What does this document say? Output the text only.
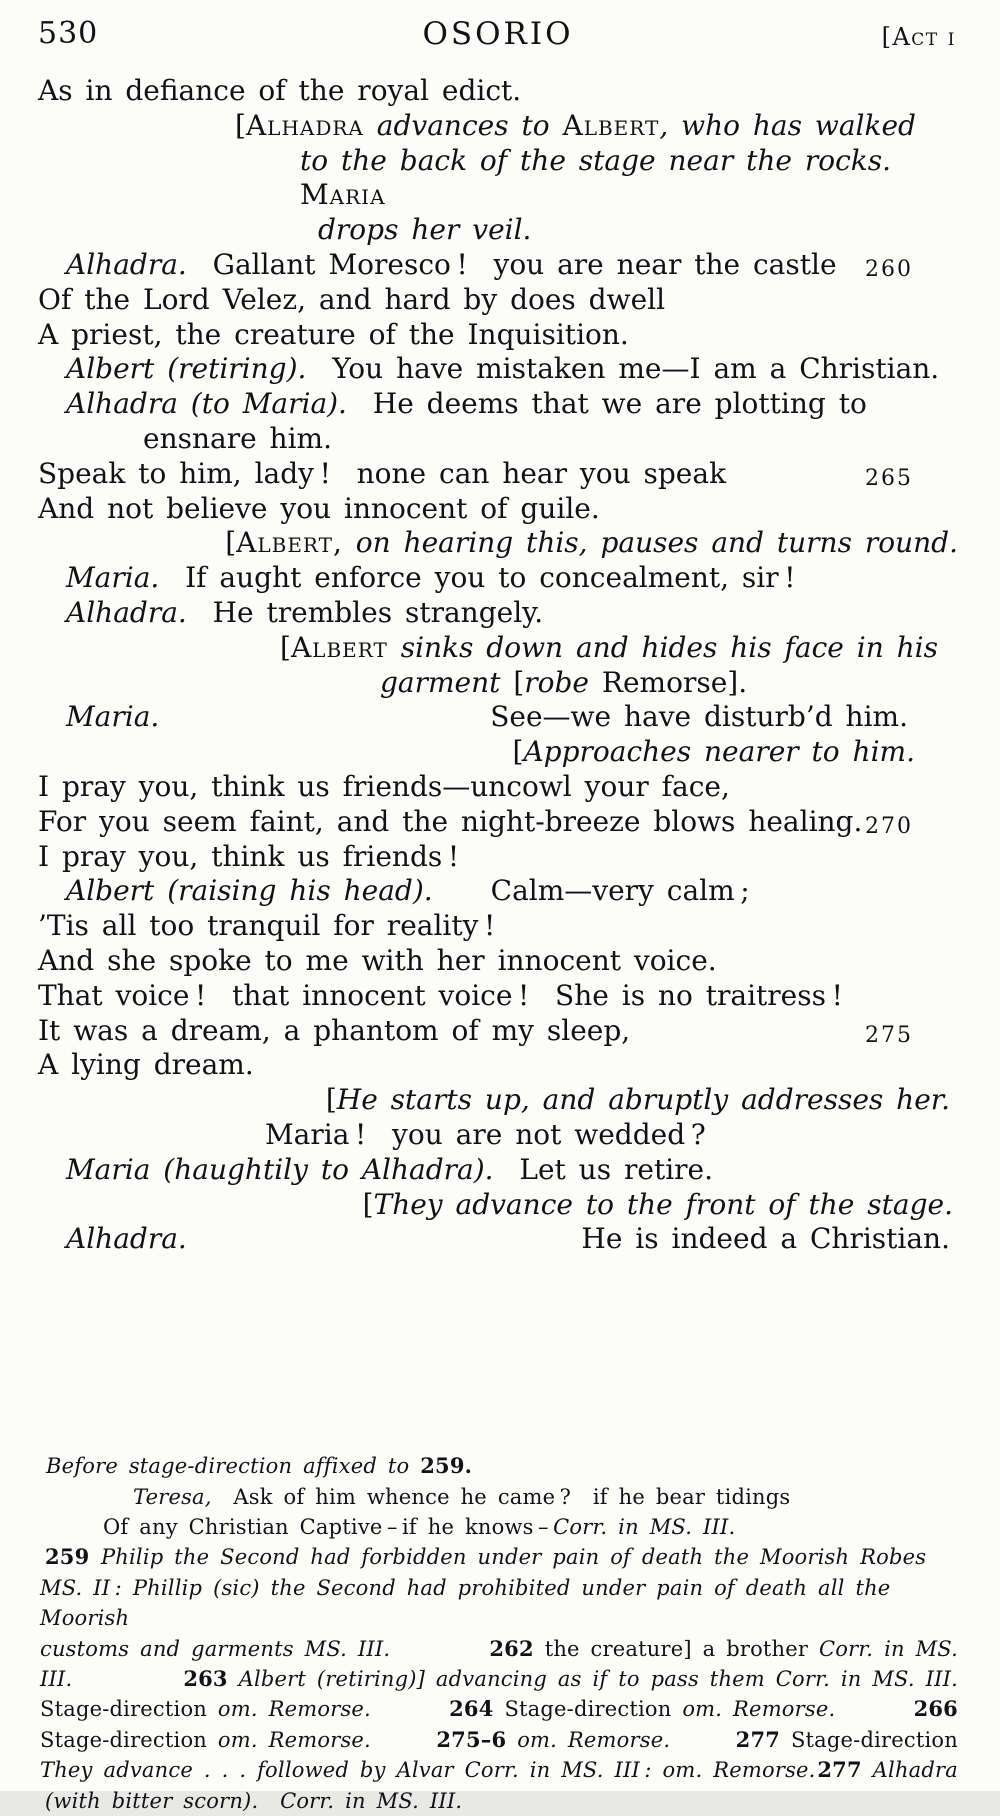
530	OSORIO	[Act i
As in defiance of the royal edict.
[Alhadra advances to Albert, who has walked
to the back of the stage near the rocks.  Maria
drops her veil.
Alhadra.  Gallant Moresco !  you are near the castle 260
Of the Lord Velez, and hard by does dwell
A priest, the creature of the Inquisition.
Albert (retiring).  You have mistaken me—I am a Christian.
Alhadra (to Maria).  He deems that we are plotting to
ensnare him.
Speak to him, lady !  none can hear you speak	265
And not believe you innocent of guile.
[Albert, on hearing this, pauses and turns round.
Maria.  If aught enforce you to concealment, sir !
Alhadra.  He trembles strangely.
[Albert sinks down and hides his face in his
garment [robe Remorse].
Maria.	See—we have disturb’d him.
[Approaches nearer to him.
I pray you, think us friends—uncowl your face,
For you seem faint, and the night-breeze blows healing. 270
I pray you, think us friends !
Albert (raising his head). Calm—very calm ;
’Tis all too tranquil for reality !
And she spoke to me with her innocent voice.
That voice !  that innocent voice !  She is no traitress !
It was a dream, a phantom of my sleep,	275
A lying dream.
[He starts up, and abruptly addresses her.
Maria !  you are not wedded ?
Maria (haughtily to Alhadra).  Let us retire.
[They advance to the front of the stage.
Alhadra.	He is indeed a Christian.
Before stage-direction affixed to 259.
Teresa,  Ask of him whence he came ?  if he bear tidings
Of any Christian Captive – if he knows – Corr. in MS. III.
259 Philip the Second had forbidden under pain of death the Moorish Robes
MS. II : Phillip (sic) the Second had prohibited under pain of death all the Moorish
customs and garments MS. III.	262 the creature] a brother Corr. in MS.
III.	263 Albert (retiring)] advancing as if to pass them Corr. in MS. III.
Stage-direction om. Remorse.	264 Stage-direction om. Remorse.	266
Stage-direction om. Remorse.	275–6 om. Remorse.	277 Stage-direction
They advance . . . followed by Alvar Corr. in MS. III : om. Remorse. 277 Alhadra
(with bitter scorn).  Corr. in MS. III.
